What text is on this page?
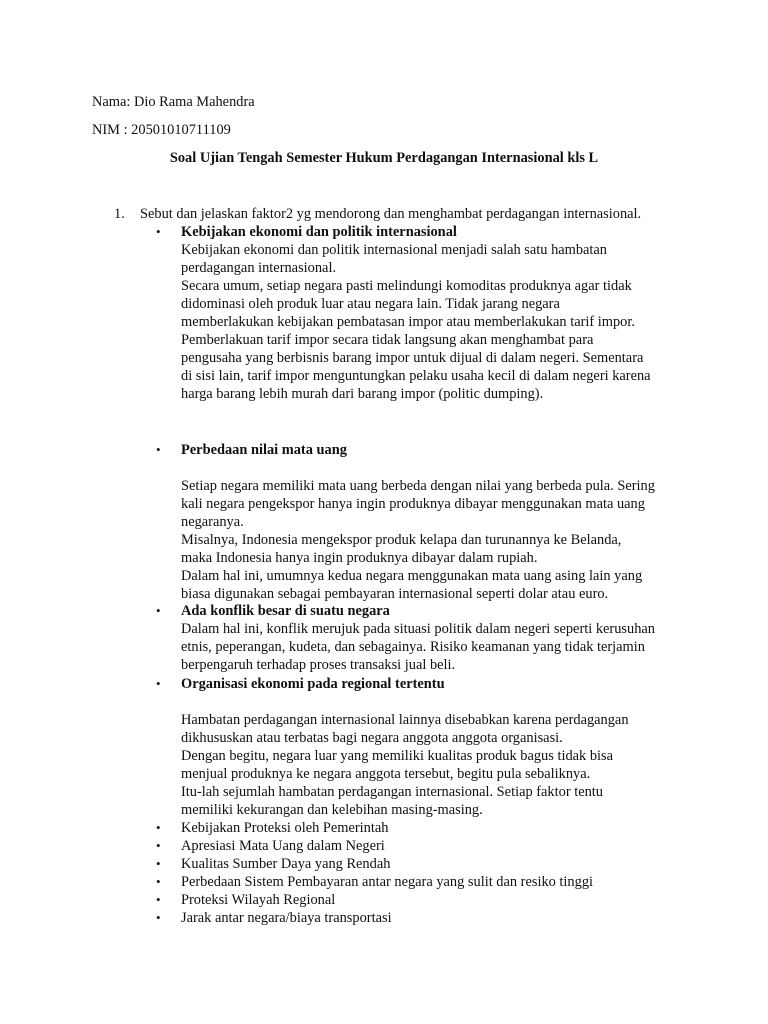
Nama: Dio Rama Mahendra
NIM : 20501010711109
Soal Ujian Tengah Semester Hukum Perdagangan Internasional kls L
1. Sebut dan jelaskan faktor2 yg mendorong dan menghambat perdagangan internasional.
•	Kebijakan ekonomi dan politik internasional
Kebijakan ekonomi dan politik internasional menjadi salah satu hambatan
perdagangan internasional.
Secara umum, setiap negara pasti melindungi komoditas produknya agar tidak
didominasi oleh produk luar atau negara lain. Tidak jarang negara
memberlakukan kebijakan pembatasan impor atau memberlakukan tarif impor.
Pemberlakuan tarif impor secara tidak langsung akan menghambat para
pengusaha yang berbisnis barang impor untuk dijual di dalam negeri. Sementara
di sisi lain, tarif impor menguntungkan pelaku usaha kecil di dalam negeri karena
harga barang lebih murah dari barang impor (politic dumping).
•	Perbedaan nilai mata uang
Setiap negara memiliki mata uang berbeda dengan nilai yang berbeda pula. Sering
kali negara pengekspor hanya ingin produknya dibayar menggunakan mata uang
negaranya.
Misalnya, Indonesia mengekspor produk kelapa dan turunannya ke Belanda,
maka Indonesia hanya ingin produknya dibayar dalam rupiah.
Dalam hal ini, umumnya kedua negara menggunakan mata uang asing lain yang
biasa digunakan sebagai pembayaran internasional seperti dolar atau euro.
•	Ada konflik besar di suatu negara
Dalam hal ini, konflik merujuk pada situasi politik dalam negeri seperti kerusuhan
etnis, peperangan, kudeta, dan sebagainya. Risiko keamanan yang tidak terjamin
berpengaruh terhadap proses transaksi jual beli.
•	Organisasi ekonomi pada regional tertentu
Hambatan perdagangan internasional lainnya disebabkan karena perdagangan
dikhususkan atau terbatas bagi negara anggota anggota organisasi.
Dengan begitu, negara luar yang memiliki kualitas produk bagus tidak bisa
menjual produknya ke negara anggota tersebut, begitu pula sebaliknya.
Itu-lah sejumlah hambatan perdagangan internasional. Setiap faktor tentu
memiliki kekurangan dan kelebihan masing-masing.
•	Kebijakan Proteksi oleh Pemerintah
•	Apresiasi Mata Uang dalam Negeri
•	Kualitas Sumber Daya yang Rendah
•	Perbedaan Sistem Pembayaran antar negara yang sulit dan resiko tinggi
•	Proteksi Wilayah Regional
•	Jarak antar negara/biaya transportasi
